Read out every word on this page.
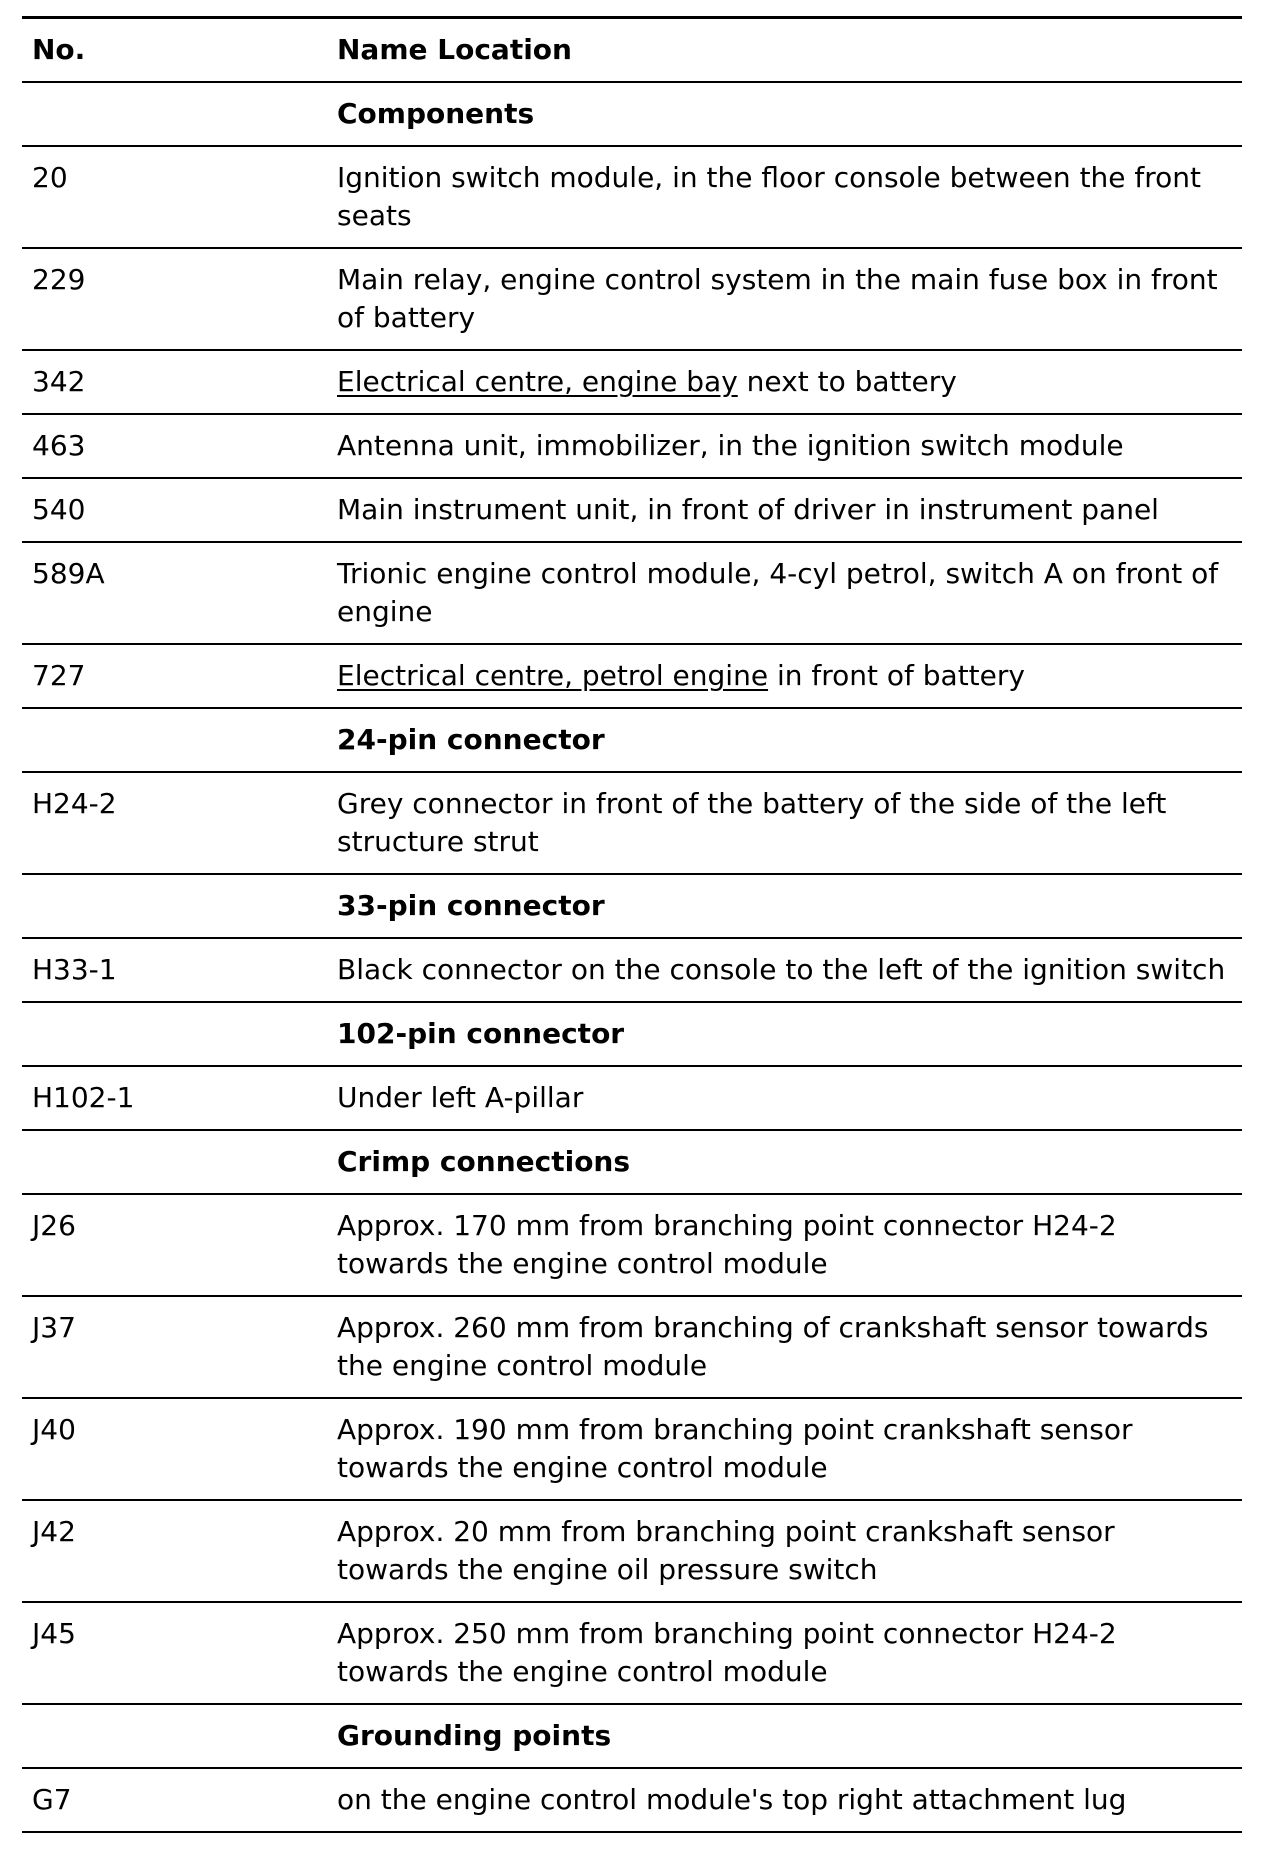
No.	Name Location
	Components
20	Ignition switch module, in the floor console between the front seats
229	Main relay, engine control system in the main fuse box in front of battery
342	Electrical centre, engine bay next to battery
463	Antenna unit, immobilizer, in the ignition switch module
540	Main instrument unit, in front of driver in instrument panel
589A	Trionic engine control module, 4-cyl petrol, switch A on front of engine
727	Electrical centre, petrol engine in front of battery
	24-pin connector
H24-2	Grey connector in front of the battery of the side of the left structure strut
	33-pin connector
H33-1	Black connector on the console to the left of the ignition switch
	102-pin connector
H102-1	Under left A-pillar
	Crimp connections
J26	Approx. 170 mm from branching point connector H24-2 towards the engine control module
J37	Approx. 260 mm from branching of crankshaft sensor towards the engine control module
J40	Approx. 190 mm from branching point crankshaft sensor towards the engine control module
J42	Approx. 20 mm from branching point crankshaft sensor towards the engine oil pressure switch
J45	Approx. 250 mm from branching point connector H24-2 towards the engine control module
	Grounding points
G7	on the engine control module's top right attachment lug
